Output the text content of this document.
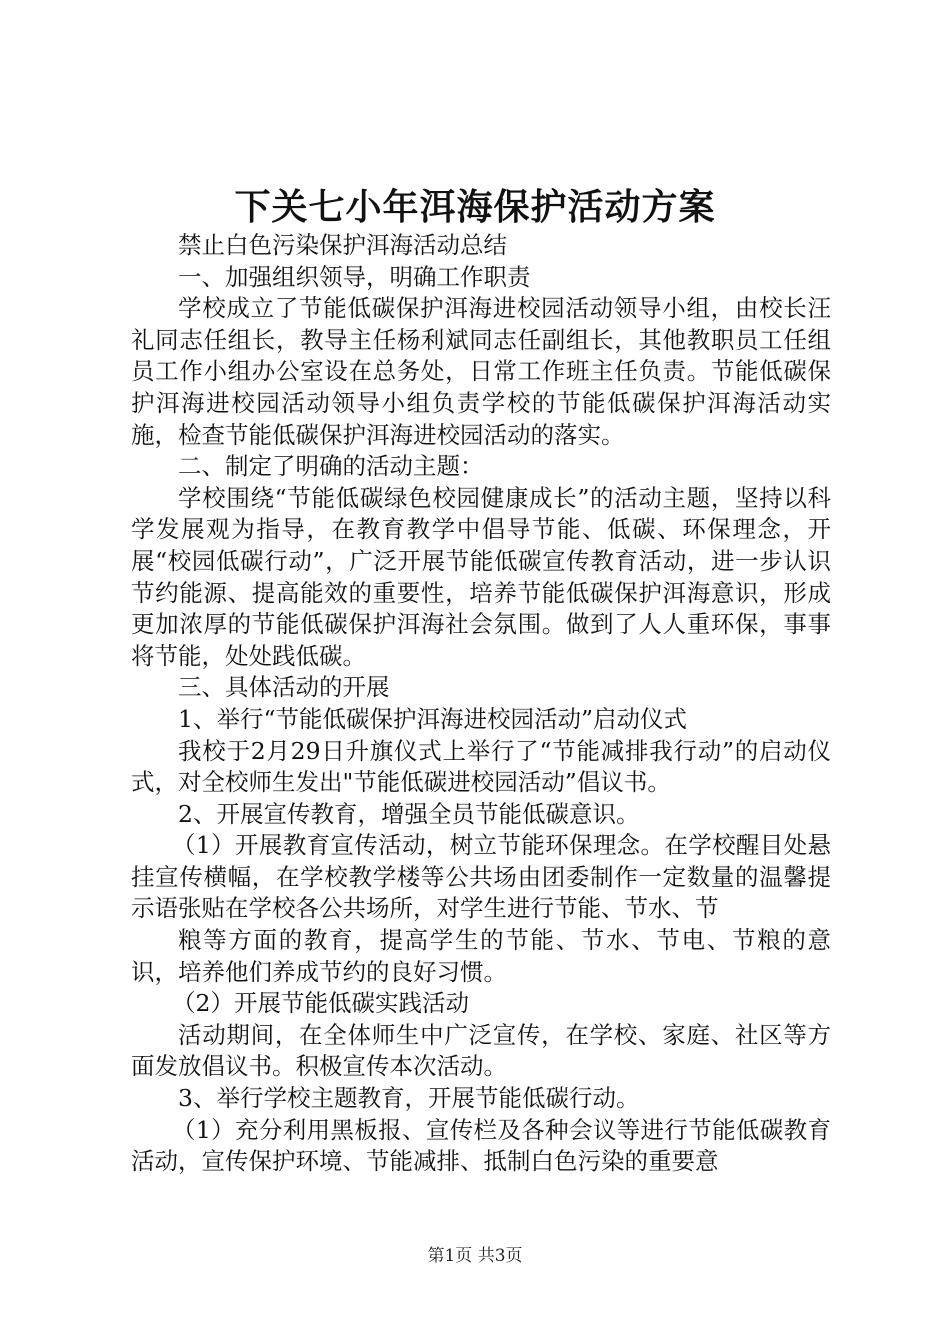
下关七小年洱海保护活动方案

禁止白色污染保护洱海活动总结

一、加强组织领导，明确工作职责

学校成立了节能低碳保护洱海进校园活动领导小组，由校长汪礼同志任组长，教导主任杨利斌同志任副组长，其他教职员工任组员工作小组办公室设在总务处，日常工作班主任负责。节能低碳保护洱海进校园活动领导小组负责学校的节能低碳保护洱海活动实施，检查节能低碳保护洱海进校园活动的落实。

二、制定了明确的活动主题：

学校围绕“节能低碳绿色校园健康成长”的活动主题，坚持以科学发展观为指导，在教育教学中倡导节能、低碳、环保理念，开展“校园低碳行动”，广泛开展节能低碳宣传教育活动，进一步认识节约能源、提高能效的重要性，培养节能低碳保护洱海意识，形成更加浓厚的节能低碳保护洱海社会氛围。做到了人人重环保，事事将节能，处处践低碳。

三、具体活动的开展

1、举行“节能低碳保护洱海进校园活动”启动仪式

我校于2月29日升旗仪式上举行了“节能减排我行动”的启动仪式，对全校师生发出"节能低碳进校园活动”倡议书。

2、开展宣传教育，增强全员节能低碳意识。

（1）开展教育宣传活动，树立节能环保理念。在学校醒目处悬挂宣传横幅，在学校教学楼等公共场由团委制作一定数量的温馨提示语张贴在学校各公共场所，对学生进行节能、节水、节

粮等方面的教育，提高学生的节能、节水、节电、节粮的意识，培养他们养成节约的良好习惯。

（2）开展节能低碳实践活动

活动期间，在全体师生中广泛宣传，在学校、家庭、社区等方面发放倡议书。积极宣传本次活动。

3、举行学校主题教育，开展节能低碳行动。

（1）充分利用黑板报、宣传栏及各种会议等进行节能低碳教育活动，宣传保护环境、节能减排、抵制白色污染的重要意

第1页 共3页
